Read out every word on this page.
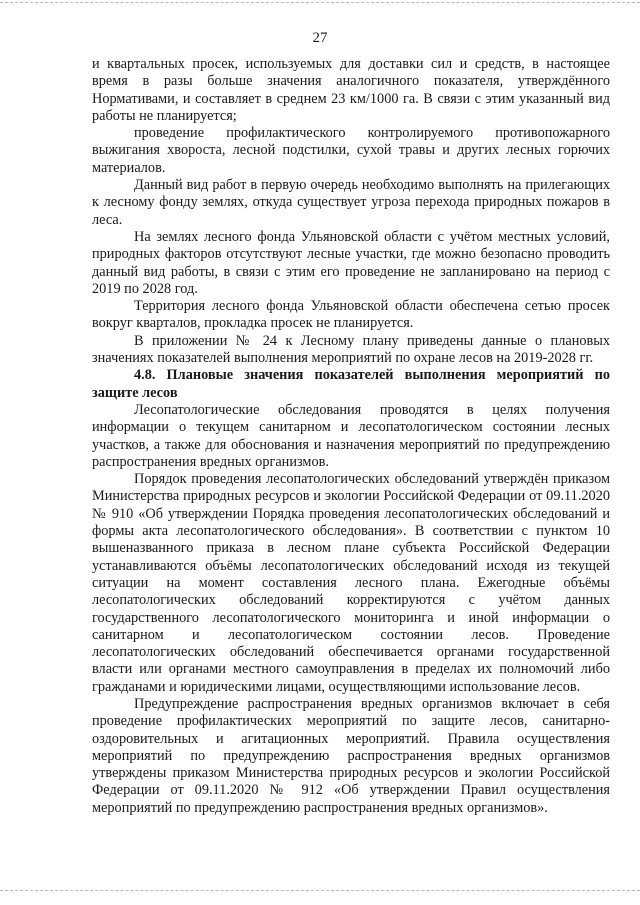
27

и квартальных просек, используемых для доставки сил и средств, в настоящее время в разы больше значения аналогичного показателя, утверждённого Нормативами, и составляет в среднем 23 км/1000 га. В связи с этим указанный вид работы не планируется;

проведение профилактического контролируемого противопожарного выжигания хвороста, лесной подстилки, сухой травы и других лесных горючих материалов.

Данный вид работ в первую очередь необходимо выполнять на прилегающих к лесному фонду землях, откуда существует угроза перехода природных пожаров в леса.

На землях лесного фонда Ульяновской области с учётом местных условий, природных факторов отсутствуют лесные участки, где можно безопасно проводить данный вид работы, в связи с этим его проведение не запланировано на период с 2019 по 2028 год.

Территория лесного фонда Ульяновской области обеспечена сетью просек вокруг кварталов, прокладка просек не планируется.

В приложении № 24 к Лесному плану приведены данные о плановых значениях показателей выполнения мероприятий по охране лесов на 2019-2028 гг.

4.8. Плановые значения показателей выполнения мероприятий по защите лесов

Лесопатологические обследования проводятся в целях получения информации о текущем санитарном и лесопатологическом состоянии лесных участков, а также для обоснования и назначения мероприятий по предупреждению распространения вредных организмов.

Порядок проведения лесопатологических обследований утверждён приказом Министерства природных ресурсов и экологии Российской Федерации от 09.11.2020 № 910 «Об утверждении Порядка проведения лесопатологических обследований и формы акта лесопатологического обследования». В соответствии с пунктом 10 вышеназванного приказа в лесном плане субъекта Российской Федерации устанавливаются объёмы лесопатологических обследований исходя из текущей ситуации на момент составления лесного плана. Ежегодные объёмы лесопатологических обследований корректируются с учётом данных государственного лесопатологического мониторинга и иной информации о санитарном и лесопатологическом состоянии лесов. Проведение лесопатологических обследований обеспечивается органами государственной власти или органами местного самоуправления в пределах их полномочий либо гражданами и юридическими лицами, осуществляющими использование лесов.

Предупреждение распространения вредных организмов включает в себя проведение профилактических мероприятий по защите лесов, санитарно-оздоровительных и агитационных мероприятий. Правила осуществления мероприятий по предупреждению распространения вредных организмов утверждены приказом Министерства природных ресурсов и экологии Российской Федерации от 09.11.2020 № 912 «Об утверждении Правил осуществления мероприятий по предупреждению распространения вредных организмов».
